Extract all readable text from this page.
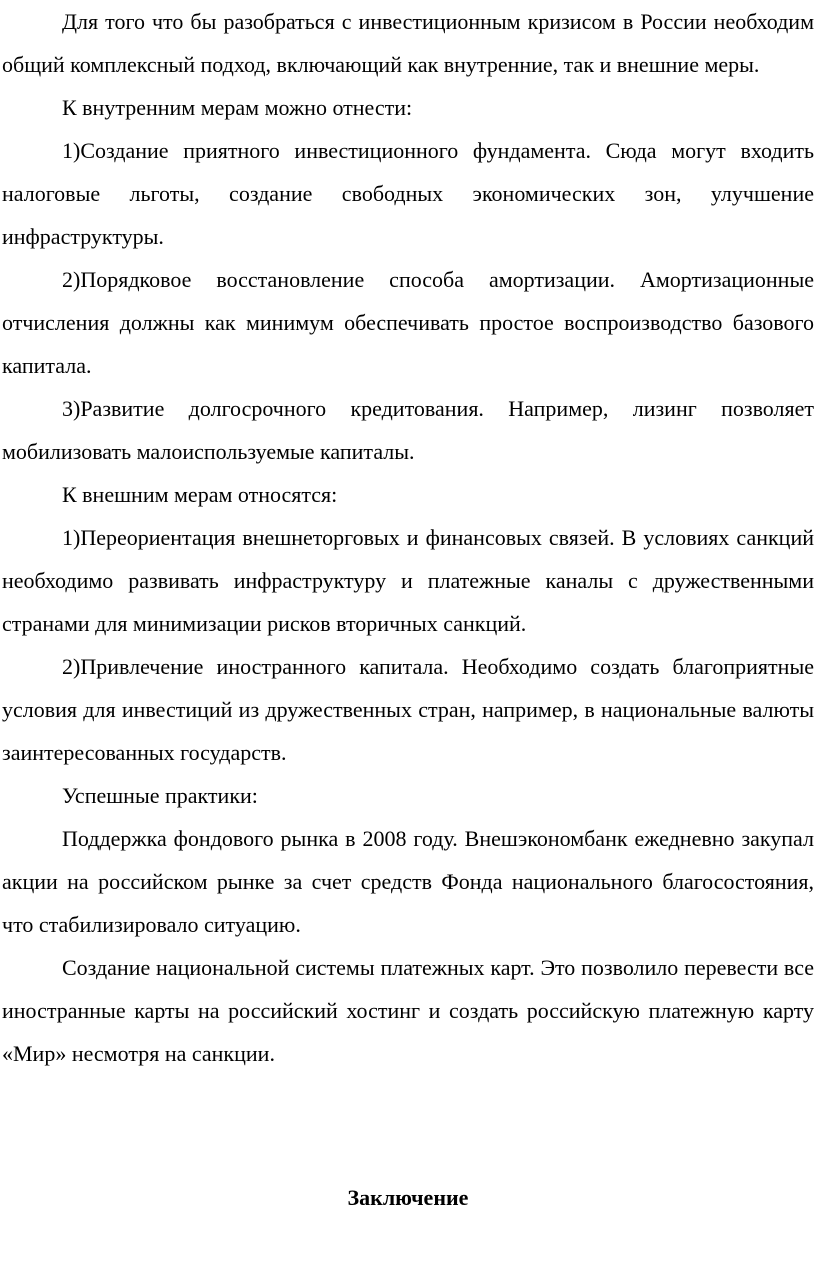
Для того что бы разобраться с инвестиционным кризисом в России необходим общий комплексный подход, включающий как внутренние, так и внешние меры.

К внутренним мерам можно отнести:

1)Создание приятного инвестиционного фундамента. Сюда могут входить налоговые льготы, создание свободных экономических зон, улучшение инфраструктуры.

2)Порядковое восстановление способа амортизации. Амортизационные отчисления должны как минимум обеспечивать простое воспроизводство базового капитала.

3)Развитие долгосрочного кредитования. Например, лизинг позволяет мобилизовать малоиспользуемые капиталы.

К внешним мерам относятся:

1)Переориентация внешнеторговых и финансовых связей. В условиях санкций необходимо развивать инфраструктуру и платежные каналы с дружественными странами для минимизации рисков вторичных санкций.

2)Привлечение иностранного капитала. Необходимо создать благоприятные условия для инвестиций из дружественных стран, например, в национальные валюты заинтересованных государств.

Успешные практики:

Поддержка фондового рынка в 2008 году. Внешэкономбанк ежедневно закупал акции на российском рынке за счет средств Фонда национального благосостояния, что стабилизировало ситуацию.

Создание национальной системы платежных карт. Это позволило перевести все иностранные карты на российский хостинг и создать российскую платежную карту «Мир» несмотря на санкции.

Заключение
